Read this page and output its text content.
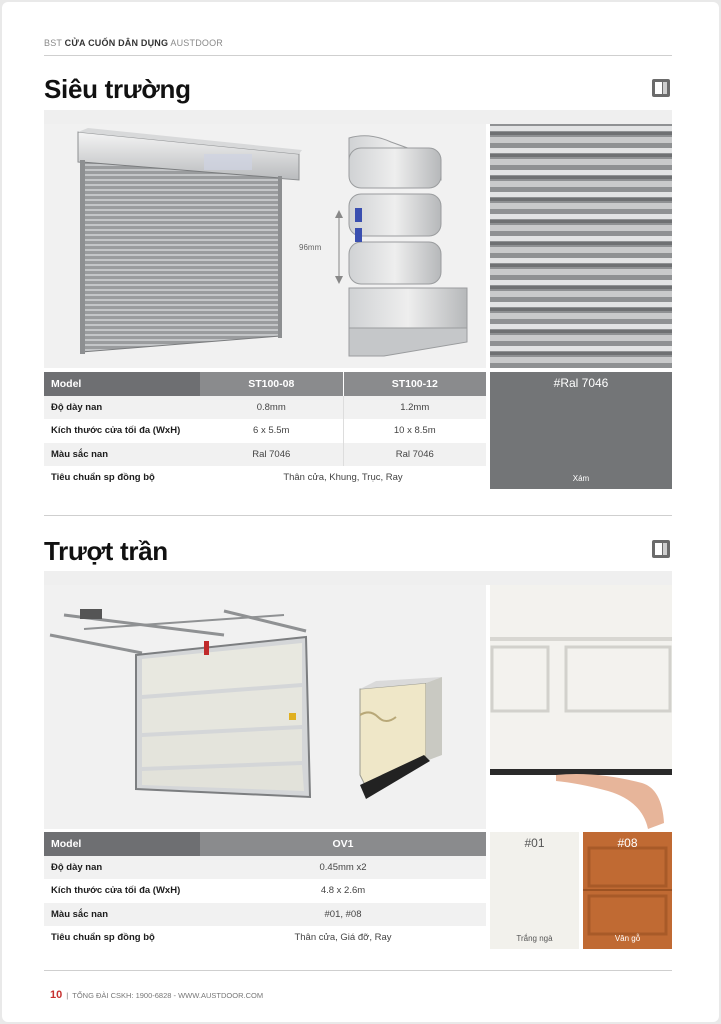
BST CỬA CUỐN DÂN DỤNG AUSTDOOR
Siêu trường
96mm
Model	ST100-08	ST100-12
Độ dày nan	0.8mm	1.2mm
Kích thước cửa tối đa (WxH)	6 x 5.5m	10 x 8.5m
Màu sắc nan	Ral 7046	Ral 7046
Tiêu chuẩn sp đồng bộ	Thân cửa, Khung, Trục, Ray	
#Ral 7046
Xám
Trượt trần
Model	OV1
Độ dày nan	0.45mm x2
Kích thước cửa tối đa (WxH)	4.8 x 2.6m
Màu sắc nan	#01, #08
Tiêu chuẩn sp đồng bộ	Thân cửa, Giá đỡ, Ray
#01
Trắng ngà
#08
Vân gỗ
10 |  TỔNG ĐÀI CSKH: 1900-6828 - WWW.AUSTDOOR.COM
